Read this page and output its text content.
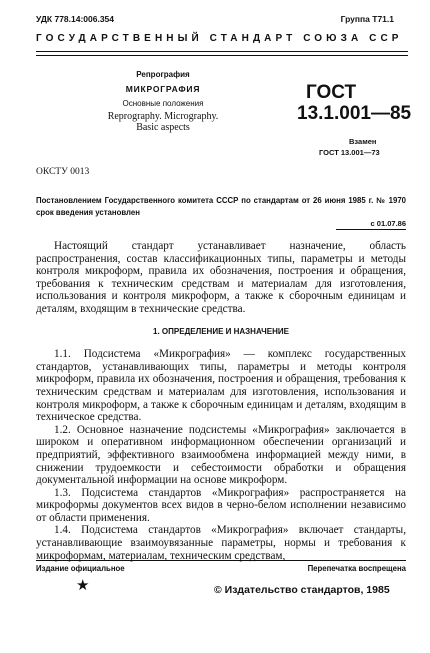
УДК 778.14:006.354	Группа Т71.1
ГОСУДАРСТВЕННЫЙ СТАНДАРТ СОЮЗА ССР
Репрография
МИКРОГРАФИЯ
Основные положения
Reprography. Micrography.
Basic aspects
ГОСТ
13.1.001—85
Взамен
ГОСТ 13.001—73
ОКСТУ 0013
Постановлением Государственного комитета СССР по стандартам от 26 июня 1985 г. № 1970 срок введения установлен
с 01.07.86

Настоящий стандарт устанавливает назначение, область распространения, состав классификационных типы, параметры и методы контроля микроформ, правила их обозначения, построения и обращения, требования к техническим средствам и материалам для изготовления, использования и контроля микроформ, а также к сборочным единицам и деталям, входящим в технические средства.

1. ОПРЕДЕЛЕНИЕ И НАЗНАЧЕНИЕ

1.1. Подсистема «Микрография» — комплекс государственных стандартов, устанавливающих типы, параметры и методы контроля микроформ, правила их обозначения, построения и обращения, требования к техническим средствам и материалам для изготовления, использования и контроля микроформ, а также к сборочным единицам и деталям, входящим в техническое средства.

1.2. Основное назначение подсистемы «Микрография» заключается в широком и оперативном информационном обеспечении организаций и предприятий, эффективного взаимообмена информацией между ними, в снижении трудоемкости и себестоимости обработки и обращения документальной информации на основе микроформ.

1.3. Подсистема стандартов «Микрография» распространяется на микроформы документов всех видов в черно-белом исполнении независимо от области применения.

1.4. Подсистема стандартов «Микрография» включает стандарты, устанавливающие взаимоувязанные параметры, нормы и требования к микроформам, материалам, техническим средствам,

Издание официальное	Перепечатка воспрещена
★	© Издательство стандартов, 1985
